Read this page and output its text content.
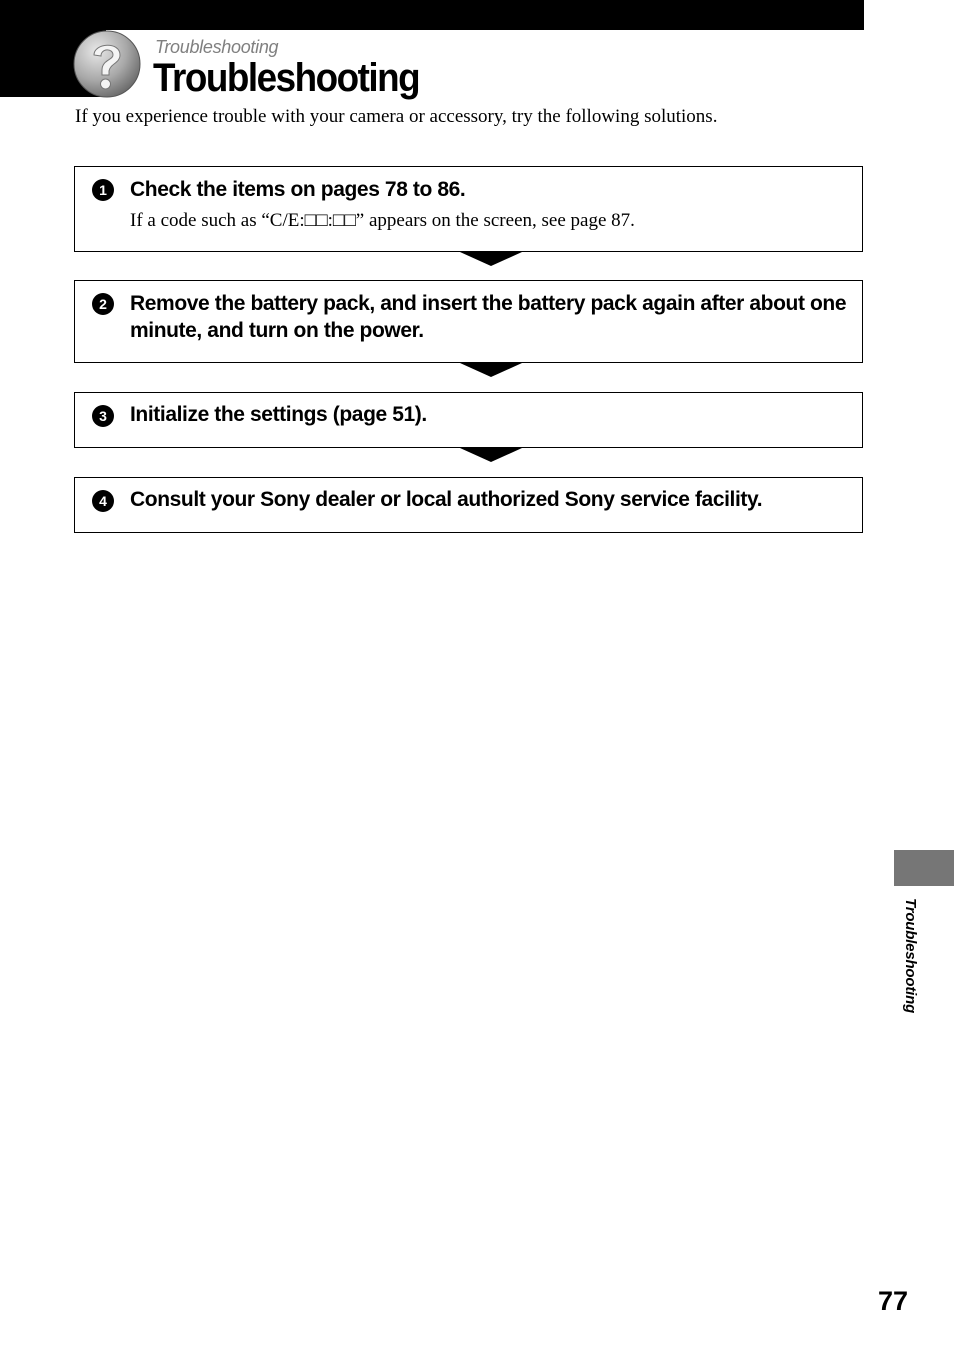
Troubleshooting
Troubleshooting
If you experience trouble with your camera or accessory, try the following solutions.
1	Check the items on pages 78 to 86.
If a code such as “C/E:□□:□□” appears on the screen, see page 87.
2	Remove the battery pack, and insert the battery pack again after about one minute, and turn on the power.
3	Initialize the settings (page 51).
4	Consult your Sony dealer or local authorized Sony service facility.
Troubleshooting
77
